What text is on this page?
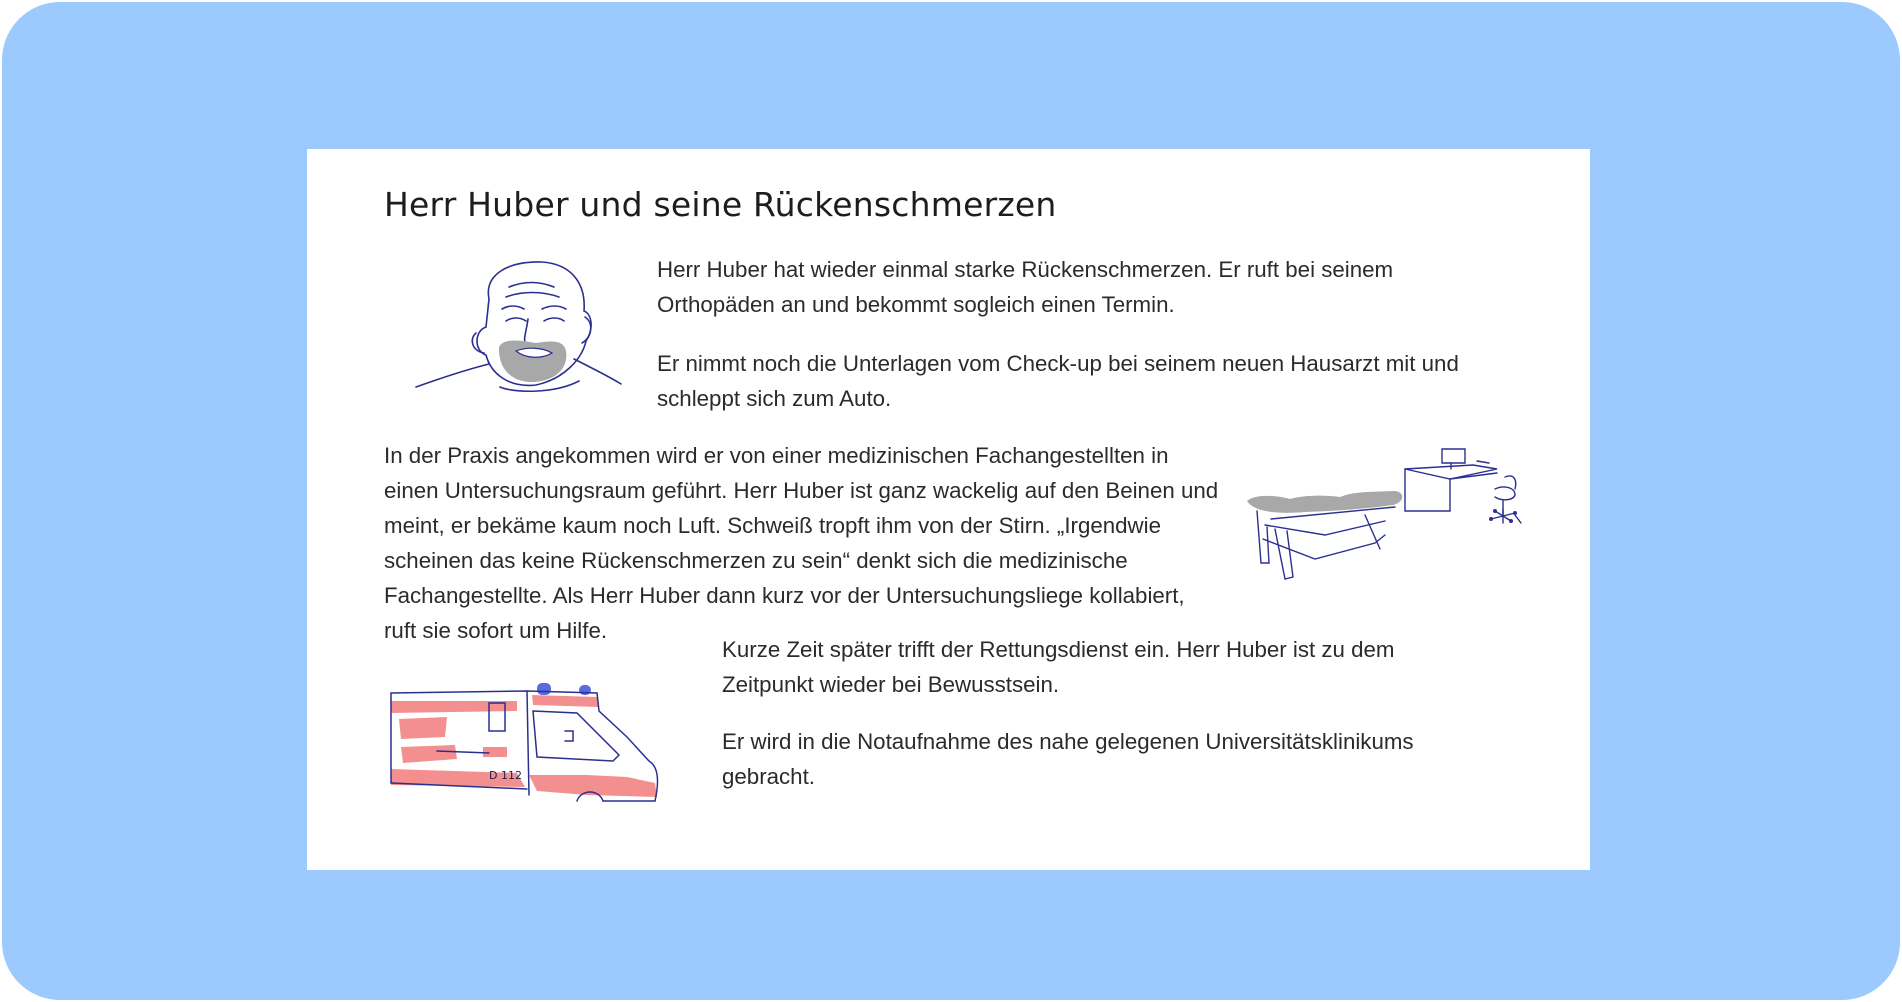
Herr Huber und seine Rückenschmerzen

Herr Huber hat wieder einmal starke Rückenschmerzen. Er ruft bei seinem Orthopäden an und bekommt sogleich einen Termin.

Er nimmt noch die Unterlagen vom Check-up bei seinem neuen Hausarzt mit und schleppt sich zum Auto.

In der Praxis angekommen wird er von einer medizinischen Fachangestellten in einen Untersuchungsraum geführt. Herr Huber ist ganz wackelig auf den Beinen und meint, er bekäme kaum noch Luft. Schweiß tropft ihm von der Stirn. „Irgendwie scheinen das keine Rückenschmerzen zu sein“ denkt sich die medizinische Fachangestellte. Als Herr Huber dann kurz vor der Untersuchungsliege kollabiert, ruft sie sofort um Hilfe.

D 112

Kurze Zeit später trifft der Rettungsdienst ein. Herr Huber ist zu dem Zeitpunkt wieder bei Bewusstsein.

Er wird in die Notaufnahme des nahe gelegenen Universitätsklinikums gebracht.
